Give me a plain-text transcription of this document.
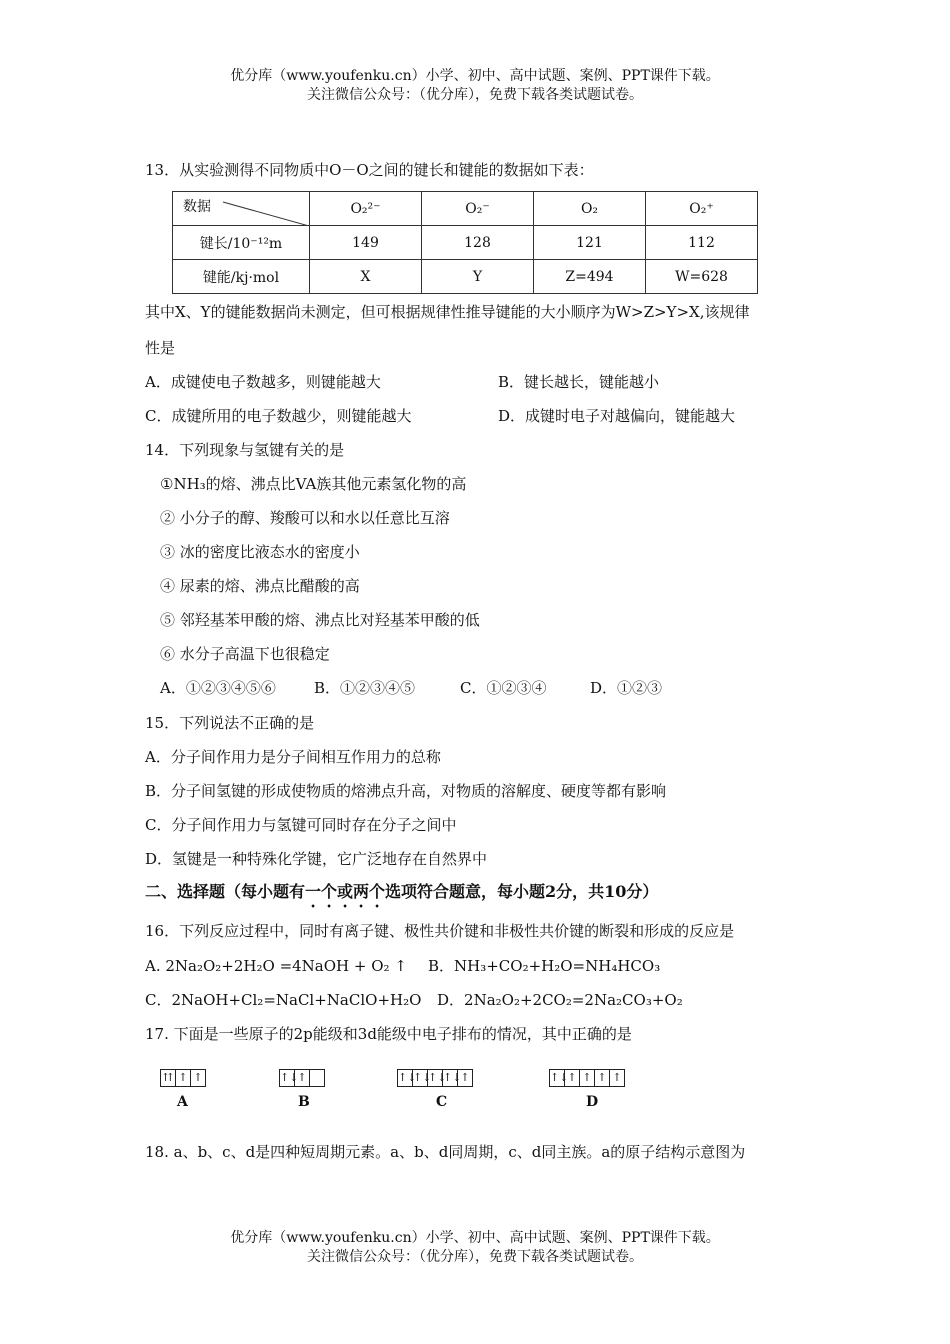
优分库（www.youfenku.cn）小学、初中、高中试题、案例、PPT课件下载。
关注微信公众号：（优分库），免费下载各类试题试卷。
13．从实验测得不同物质中O－O之间的键长和键能的数据如下表：
数据	O₂²⁻	O₂⁻	O₂	O₂⁺
键长/10⁻¹²m	149	128	121	112
键能/kj·mol	X	Y	Z=494	W=628
其中X、Y的键能数据尚未测定，但可根据规律性推导键能的大小顺序为W>Z>Y>X,该规律
性是
A．成键使电子数越多，则键能越大	B．键长越长，键能越小
C．成键所用的电子数越少，则键能越大	D．成键时电子对越偏向，键能越大
14．下列现象与氢键有关的是
①NH₃的熔、沸点比VA族其他元素氢化物的高
② 小分子的醇、羧酸可以和水以任意比互溶
③ 冰的密度比液态水的密度小
④ 尿素的熔、沸点比醋酸的高
⑤ 邻羟基苯甲酸的熔、沸点比对羟基苯甲酸的低
⑥ 水分子高温下也很稳定
A．①②③④⑤⑥	B．①②③④⑤	C．①②③④	D．①②③
15．下列说法不正确的是
A．分子间作用力是分子间相互作用力的总称
B．分子间氢键的形成使物质的熔沸点升高，对物质的溶解度、硬度等都有影响
C．分子间作用力与氢键可同时存在分子之间中
D．氢键是一种特殊化学键，它广泛地存在自然界中
二、选择题（每小题有一个或两个选项符合题意，每小题2分，共10分）
16．下列反应过程中，同时有离子键、极性共价键和非极性共价键的断裂和形成的反应是
A. 2Na₂O₂+2H₂O =4NaOH + O₂ ↑ B．NH₃+CO₂+H₂O=NH₄HCO₃
C．2NaOH+Cl₂=NaCl+NaClO+H₂O D．2Na₂O₂+2CO₂=2Na₂CO₃+O₂
17. 下面是一些原子的2p能级和3d能级中电子排布的情况，其中正确的是
⇈ ↑ ↑
A
↑↓
↑
B
↑↓
↑↓
↑↓
↑↓
↑
C
↑↓
↑ ↑ ↑ ↑
D
18. a、b、c、d是四种短周期元素。a、b、d同周期，c、d同主族。a的原子结构示意图为
优分库（www.youfenku.cn）小学、初中、高中试题、案例、PPT课件下载。
关注微信公众号：（优分库），免费下载各类试题试卷。
